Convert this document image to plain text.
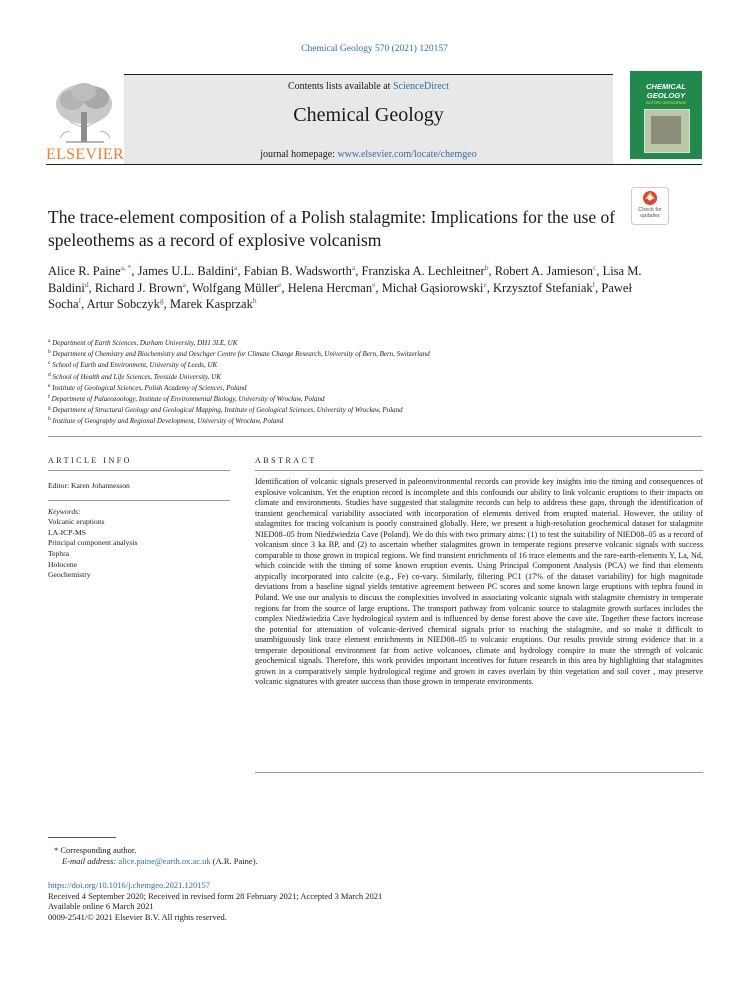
Chemical Geology 570 (2021) 120157
ELSEVIER
Contents lists available at ScienceDirect
Chemical Geology
journal homepage: www.elsevier.com/locate/chemgeo
CHEMICAL
GEOLOGY
ISOTOPE GEOSCIENCE
Check for
updates
The trace-element composition of a Polish stalagmite: Implications for the use of speleothems as a record of explosive volcanism
Alice R. Paine$^{a, *}$, James U.L. Baldini$^a$, Fabian B. Wadsworth$^a$, Franziska A. Lechleitner$^b$, Robert A. Jamieson$^c$, Lisa M. Baldini$^d$, Richard J. Brown$^a$, Wolfgang Müller$^e$, Helena Hercman$^e$, Michał Gąsiorowski$^e$, Krzysztof Stefaniak$^f$, Paweł Socha$^f$, Artur Sobczyk$^g$, Marek Kasprzak$^h$
$^a$ Department of Earth Sciences, Durham University, DH1 3LE, UK
$^b$ Department of Chemistry and Biochemistry and Oeschger Centre for Climate Change Research, University of Bern, Bern, Switzerland
$^c$ School of Earth and Environment, University of Leeds, UK
$^d$ School of Health and Life Sciences, Teesside University, UK
$^e$ Institute of Geological Sciences, Polish Academy of Sciences, Poland
$^f$ Department of Palaeozoology, Institute of Environmental Biology, University of Wrocław, Poland
$^g$ Department of Structural Geology and Geological Mapping, Institute of Geological Sciences, University of Wrocław, Poland
$^h$ Institute of Geography and Regional Development, University of Wrocław, Poland
ARTICLE INFO	ABSTRACT
Editor: Karen Johannesson
Keywords:
Volcanic eruptions
LA-ICP-MS
Principal component analysis
Tephra
Holocene
Geochemistry
Identification of volcanic signals preserved in paleoenvironmental records can provide key insights into the timing and consequences of explosive volcanism. Yet the eruption record is incomplete and this confounds our ability to link volcanic eruptions to their impacts on climate and environments. Studies have suggested that stalagmite records can help to address these gaps, through the identification of transient geochemical variability associated with incorporation of elements derived from erupted material. However, the utility of stalagmites for tracing volcanism is poorly constrained globally. Here, we present a high-resolution geochemical dataset for stalagmite NIED08–05 from Niedźwiedzia Cave (Poland). We do this with two primary aims: (1) to test the suitability of NIED08–05 as a record of volcanism since 3 ka BP, and (2) to ascertain whether stalagmites grown in temperate regions preserve volcanic signals with success comparable to those grown in tropical regions. We find transient enrichments of 16 trace elements and the rare-earth-elements Y, La, Nd, which coincide with the timing of some known eruption events. Using Principal Component Analysis (PCA) we find that elements atypically incorporated into calcite (e.g., Fe) co-vary. Similarly, filtering PC1 (17% of the dataset variability) for high magnitude deviations from a baseline signal yields tentative agreement between PC scores and some known large eruptions with tephra found in Poland. We use our analysis to discuss the complexities involved in associating volcanic signals with stalagmite chemistry in temperate regions far from the source of large eruptions. The transport pathway from volcanic source to stalagmite growth surfaces includes the complex Niedźwiedzia Cave hydrological system and is influenced by dense forest above the cave site. Together these factors increase the potential for attenuation of volcanic-derived chemical signals prior to reaching the stalagmite, and so make it difficult to unambiguously link trace element enrichments in NIED08–05 to volcanic eruptions. Our results provide strong evidence that in a temperate depositional environment far from active volcanoes, climate and hydrology conspire to mute the strength of volcanic geochemical signals. Therefore, this work provides important incentives for future research in this area by highlighting that stalagmites grown in a comparatively simple hydrological regime and grown in caves overlain by thin vegetation and soil cover , may preserve volcanic signatures with greater success than those grown in temperate environments.
* Corresponding author.
E-mail address: alice.paine@earth.ox.ac.uk (A.R. Paine).
https://doi.org/10.1016/j.chemgeo.2021.120157
Received 4 September 2020; Received in revised form 28 February 2021; Accepted 3 March 2021
Available online 6 March 2021
0009-2541/© 2021 Elsevier B.V. All rights reserved.
